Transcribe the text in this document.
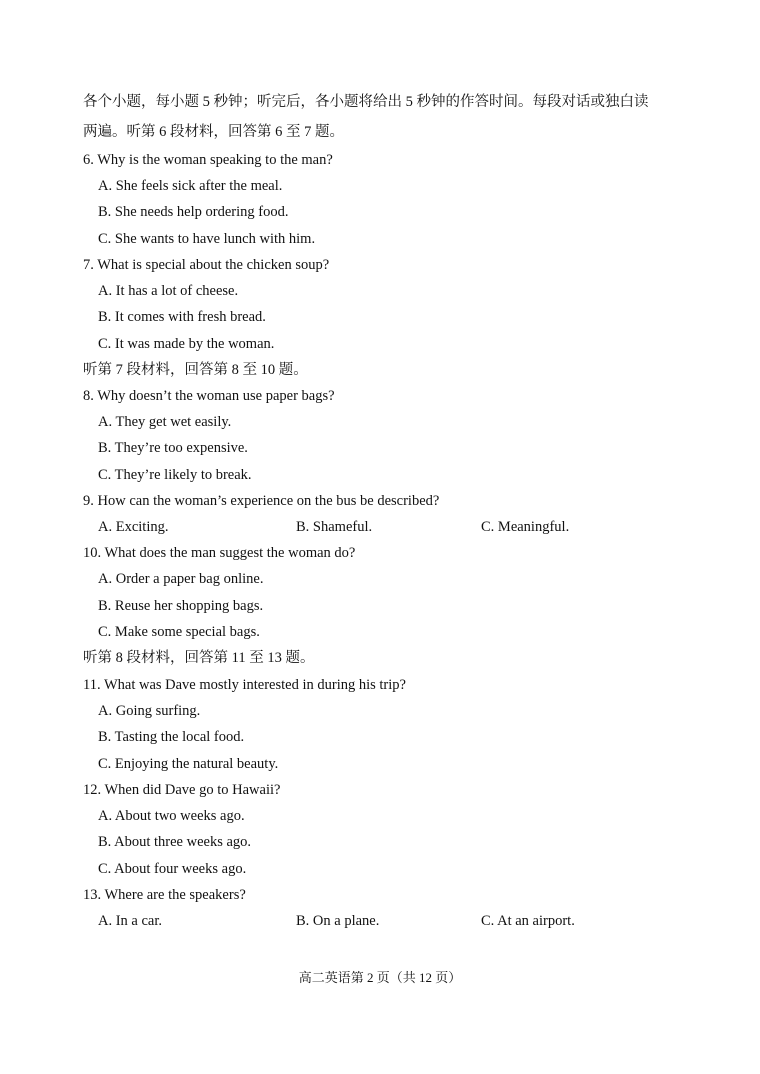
各个小题，每小题 5 秒钟；听完后，各小题将给出 5 秒钟的作答时间。每段对话或独白读
两遍。听第 6 段材料，回答第 6 至 7 题。
6. Why is the woman speaking to the man?
A. She feels sick after the meal.
B. She needs help ordering food.
C. She wants to have lunch with him.
7. What is special about the chicken soup?
A. It has a lot of cheese.
B. It comes with fresh bread.
C. It was made by the woman.
听第 7 段材料，回答第 8 至 10 题。
8. Why doesn’t the woman use paper bags?
A. They get wet easily.
B. They’re too expensive.
C. They’re likely to break.
9. How can the woman’s experience on the bus be described?
A. Exciting.	B. Shameful.	C. Meaningful.
10. What does the man suggest the woman do?
A. Order a paper bag online.
B. Reuse her shopping bags.
C. Make some special bags.
听第 8 段材料，回答第 11 至 13 题。
11. What was Dave mostly interested in during his trip?
A. Going surfing.
B. Tasting the local food.
C. Enjoying the natural beauty.
12. When did Dave go to Hawaii?
A. About two weeks ago.
B. About three weeks ago.
C. About four weeks ago.
13. Where are the speakers?
A. In a car.	B. On a plane.	C. At an airport.
高二英语第 2 页（共 12 页）
